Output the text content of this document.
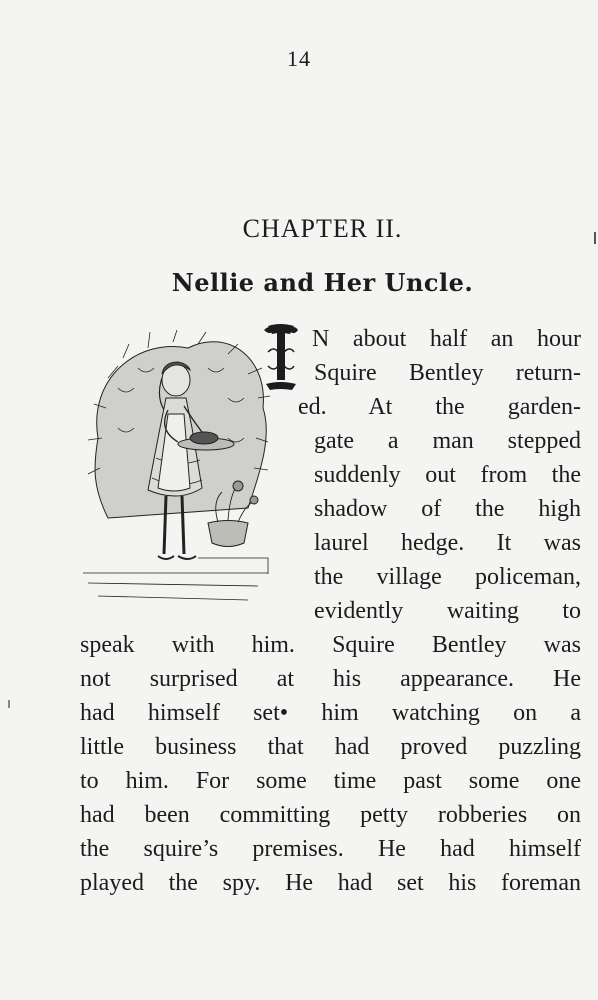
14
CHAPTER II.
Nellie and Her Uncle.
N about half an hour
Squire Bentley return-
ed. At the garden-
gate a man stepped
suddenly out from the
shadow of the high
laurel hedge. It was
the village policeman,
evidently waiting to
speak with him. Squire Bentley was
not surprised at his appearance. He
had himself set• him watching on a
little business that had proved puzzling
to him. For some time past some one
had been committing petty robberies on
the squire’s premises. He had himself
played the spy. He had set his foreman
